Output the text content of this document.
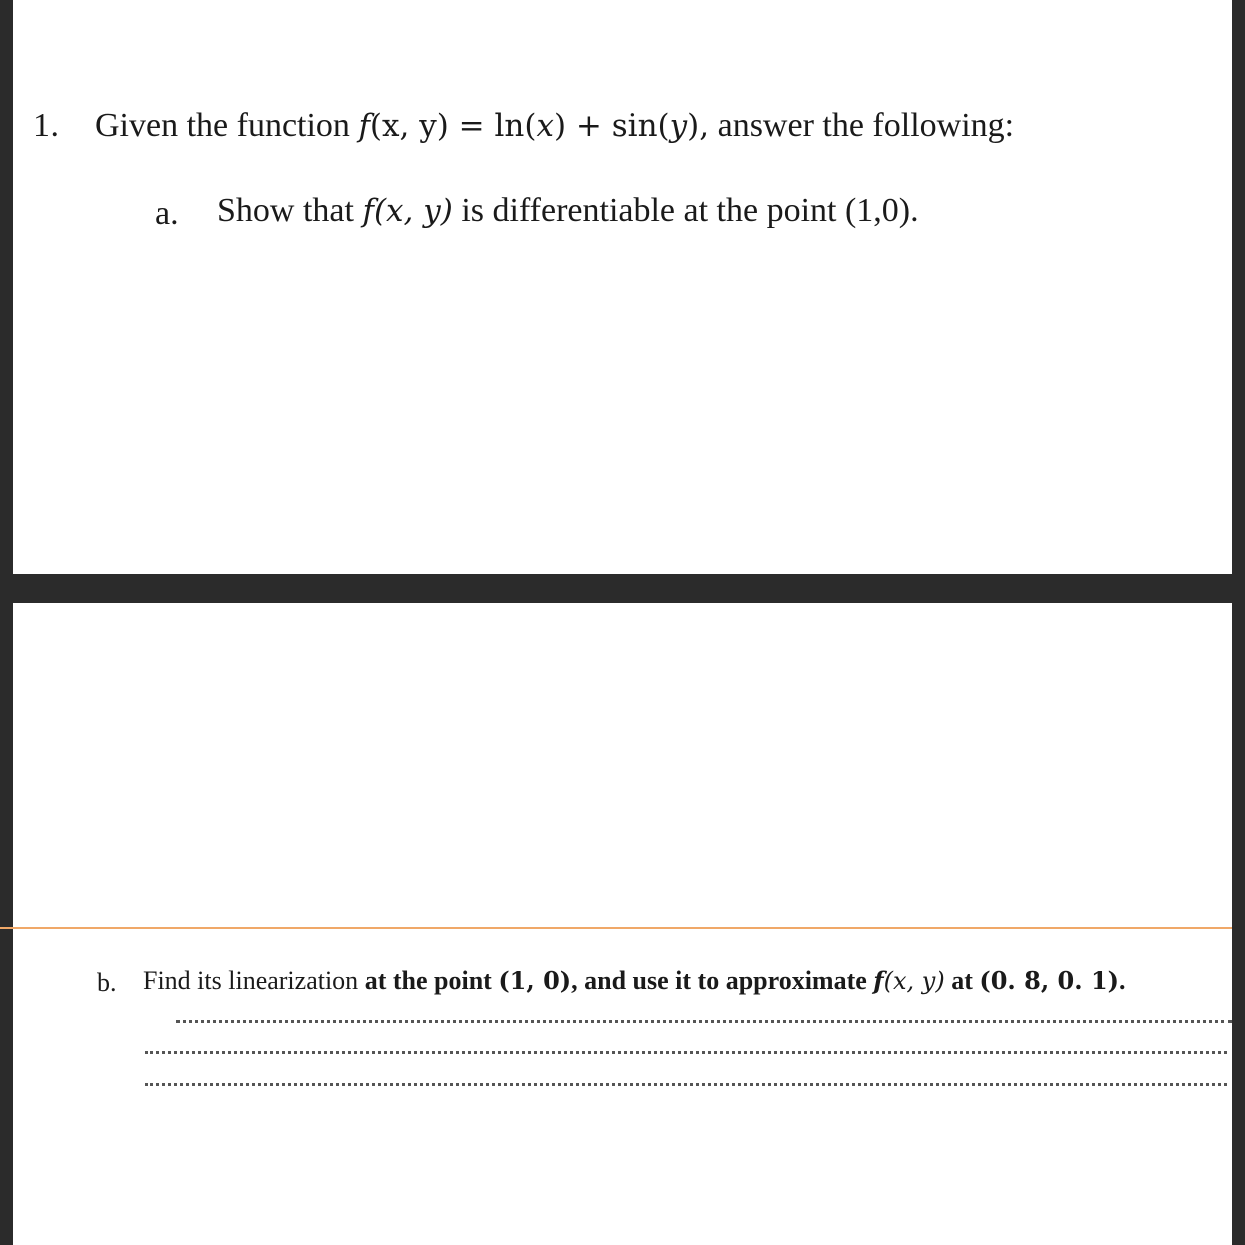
1. Given the function f(x, y) = ln(x) + sin(y), answer the following:
a. Show that f(x, y) is differentiable at the point (1,0).
b. Find its linearization at the point (1, 0), and use it to approximate f(x, y) at (0. 8, 0. 1).
